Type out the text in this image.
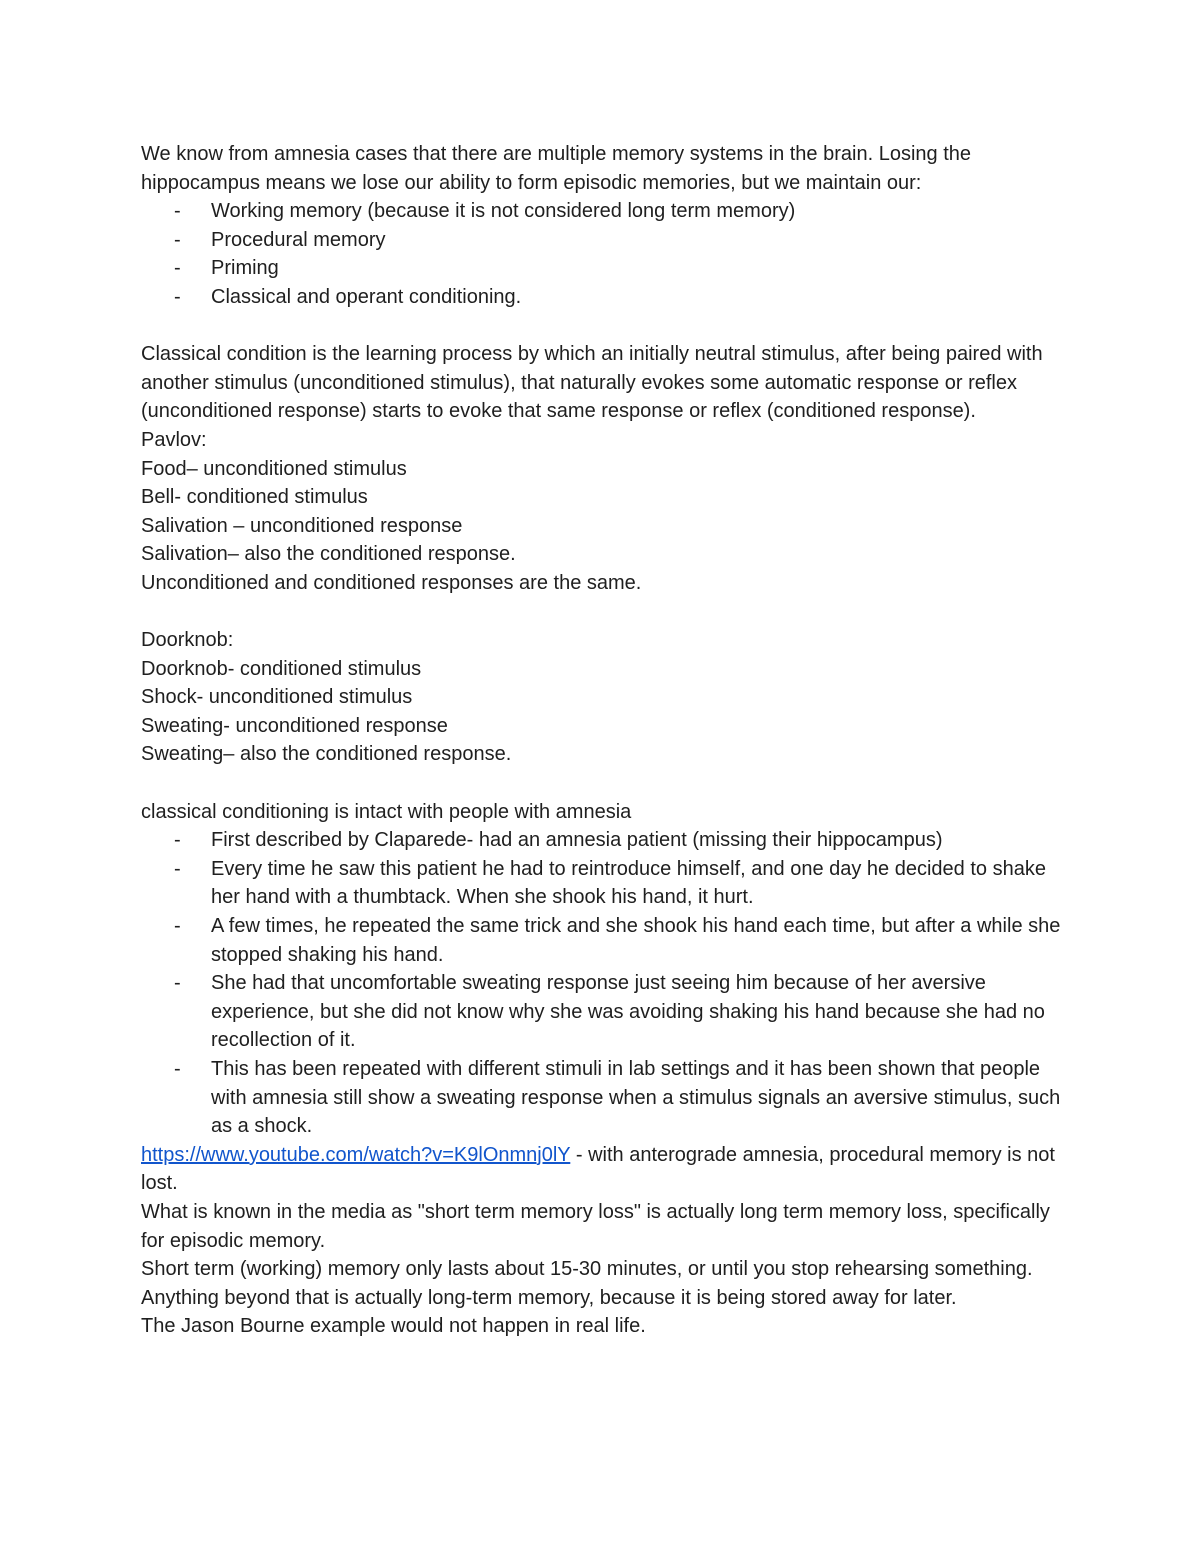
We know from amnesia cases that there are multiple memory systems in the brain. Losing the hippocampus means we lose our ability to form episodic memories, but we maintain our:

- Working memory (because it is not considered long term memory)
- Procedural memory
- Priming
- Classical and operant conditioning.

Classical condition is the learning process by which an initially neutral stimulus, after being paired with another stimulus (unconditioned stimulus), that naturally evokes some automatic response or reflex (unconditioned response) starts to evoke that same response or reflex (conditioned response).

Pavlov:

Food– unconditioned stimulus

Bell- conditioned stimulus

Salivation – unconditioned response

Salivation– also the conditioned response.

Unconditioned and conditioned responses are the same.

Doorknob:

Doorknob- conditioned stimulus

Shock- unconditioned stimulus

Sweating- unconditioned response

Sweating– also the conditioned response.

classical conditioning is intact with people with amnesia

- First described by Claparede- had an amnesia patient (missing their hippocampus)
- Every time he saw this patient he had to reintroduce himself, and one day he decided to shake her hand with a thumbtack. When she shook his hand, it hurt.
- A few times, he repeated the same trick and she shook his hand each time, but after a while she stopped shaking his hand.
- She had that uncomfortable sweating response just seeing him because of her aversive experience, but she did not know why she was avoiding shaking his hand because she had no recollection of it.
- This has been repeated with different stimuli in lab settings and it has been shown that people with amnesia still show a sweating response when a stimulus signals an aversive stimulus, such as a shock.

https://www.youtube.com/watch?v=K9lOnmnj0lY - with anterograde amnesia, procedural memory is not lost.

What is known in the media as "short term memory loss" is actually long term memory loss, specifically for episodic memory.

Short term (working) memory only lasts about 15-30 minutes, or until you stop rehearsing something.

Anything beyond that is actually long-term memory, because it is being stored away for later.

The Jason Bourne example would not happen in real life.
